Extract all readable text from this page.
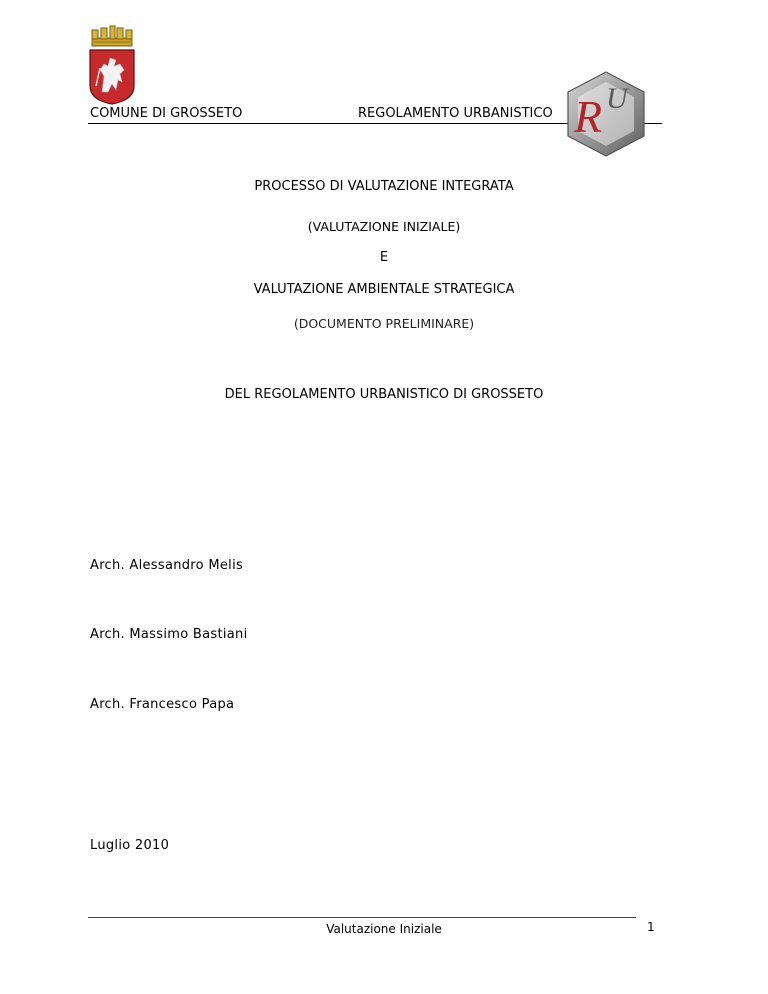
COMUNE DI GROSSETO	REGOLAMENTO URBANISTICO R U
PROCESSO DI VALUTAZIONE INTEGRATA
(VALUTAZIONE INIZIALE)
E
VALUTAZIONE AMBIENTALE STRATEGICA
(DOCUMENTO PRELIMINARE)
DEL REGOLAMENTO URBANISTICO DI GROSSETO
Arch. Alessandro Melis
Arch. Massimo Bastiani
Arch. Francesco Papa
Luglio 2010
Valutazione Iniziale	1
